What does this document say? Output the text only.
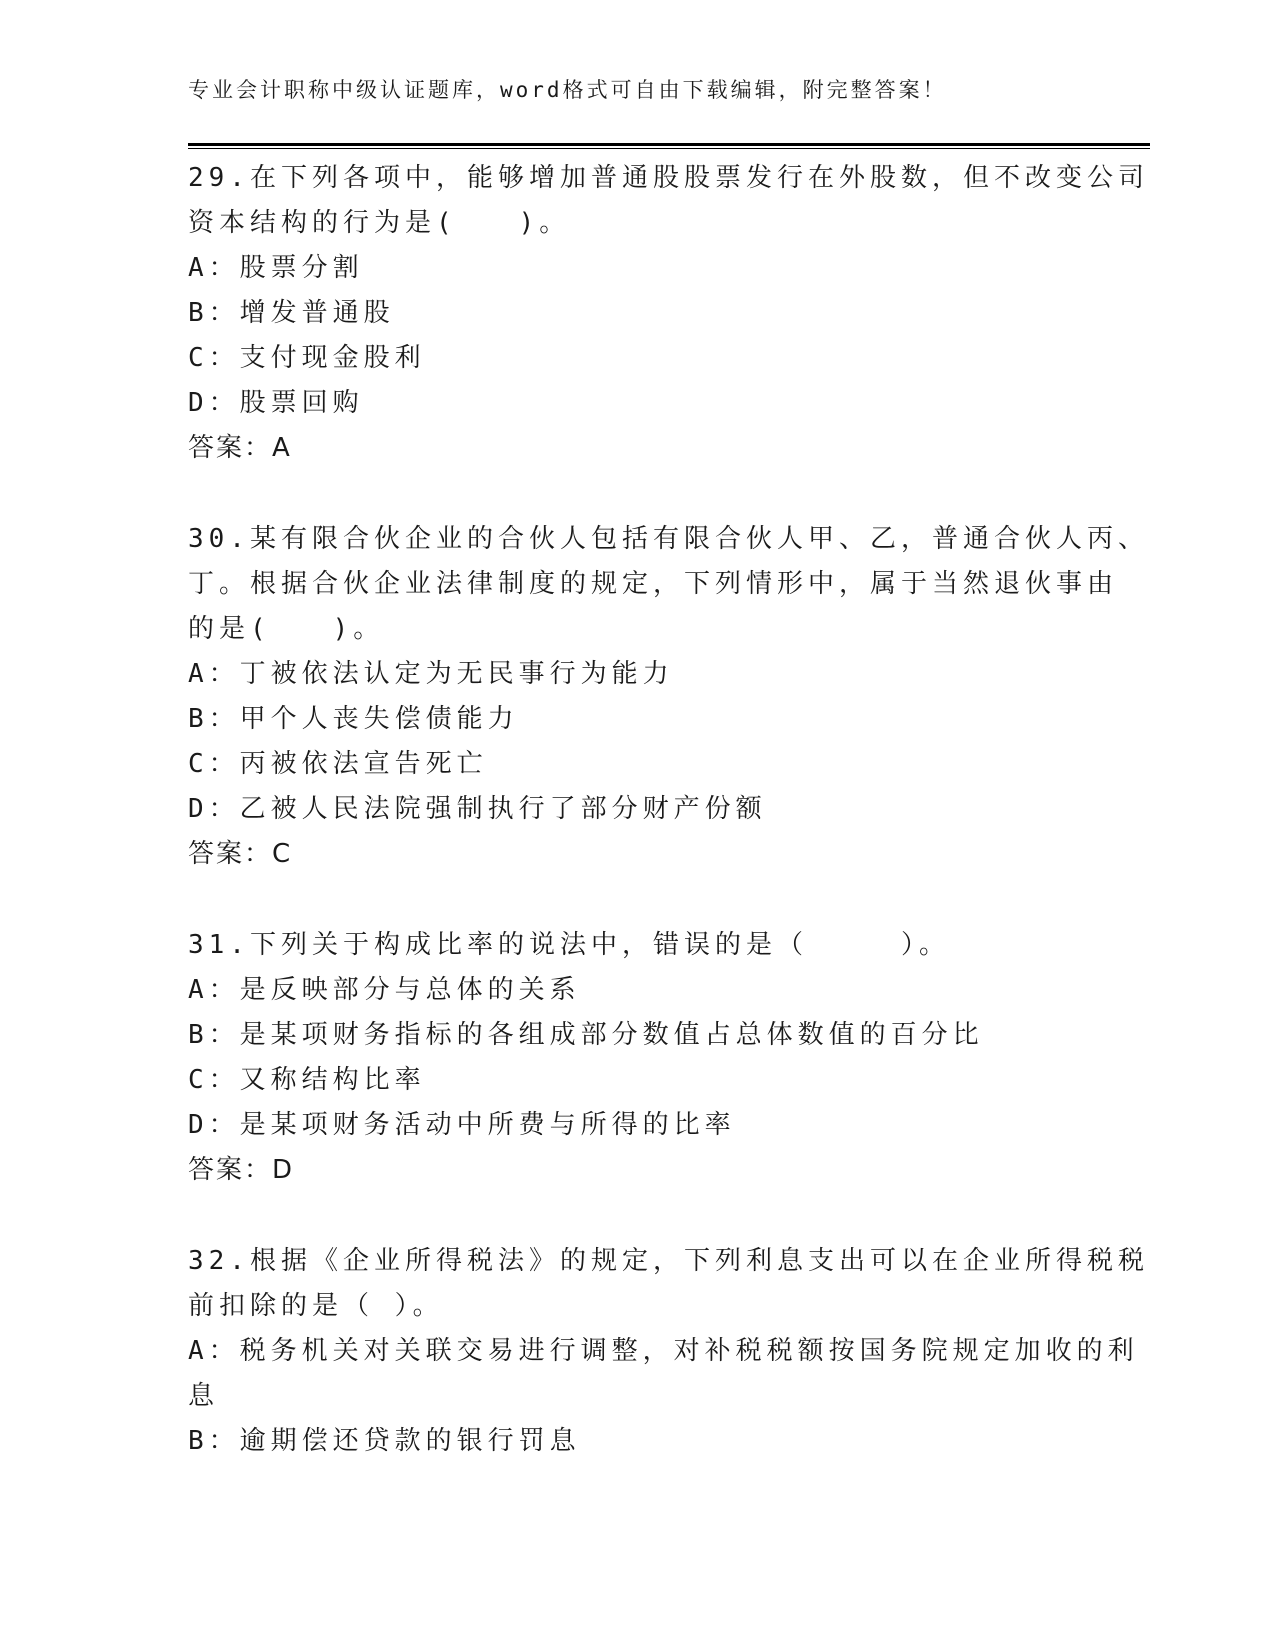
专业会计职称中级认证题库，word格式可自由下载编辑，附完整答案！
29.在下列各项中，能够增加普通股股票发行在外股数，但不改变公司
资本结构的行为是(　　)。
A：股票分割
B：增发普通股
C：支付现金股利
D：股票回购
答案：A
30.某有限合伙企业的合伙人包括有限合伙人甲、乙，普通合伙人丙、
丁。根据合伙企业法律制度的规定，下列情形中，属于当然退伙事由
的是(　　)。
A：丁被依法认定为无民事行为能力
B：甲个人丧失偿债能力
C：丙被依法宣告死亡
D：乙被人民法院强制执行了部分财产份额
答案：C
31.下列关于构成比率的说法中，错误的是（　　　）。
A：是反映部分与总体的关系
B：是某项财务指标的各组成部分数值占总体数值的百分比
C：又称结构比率
D：是某项财务活动中所费与所得的比率
答案：D
32.根据《企业所得税法》的规定，下列利息支出可以在企业所得税税
前扣除的是（ ）。
A：税务机关对关联交易进行调整，对补税税额按国务院规定加收的利
息
B：逾期偿还贷款的银行罚息
